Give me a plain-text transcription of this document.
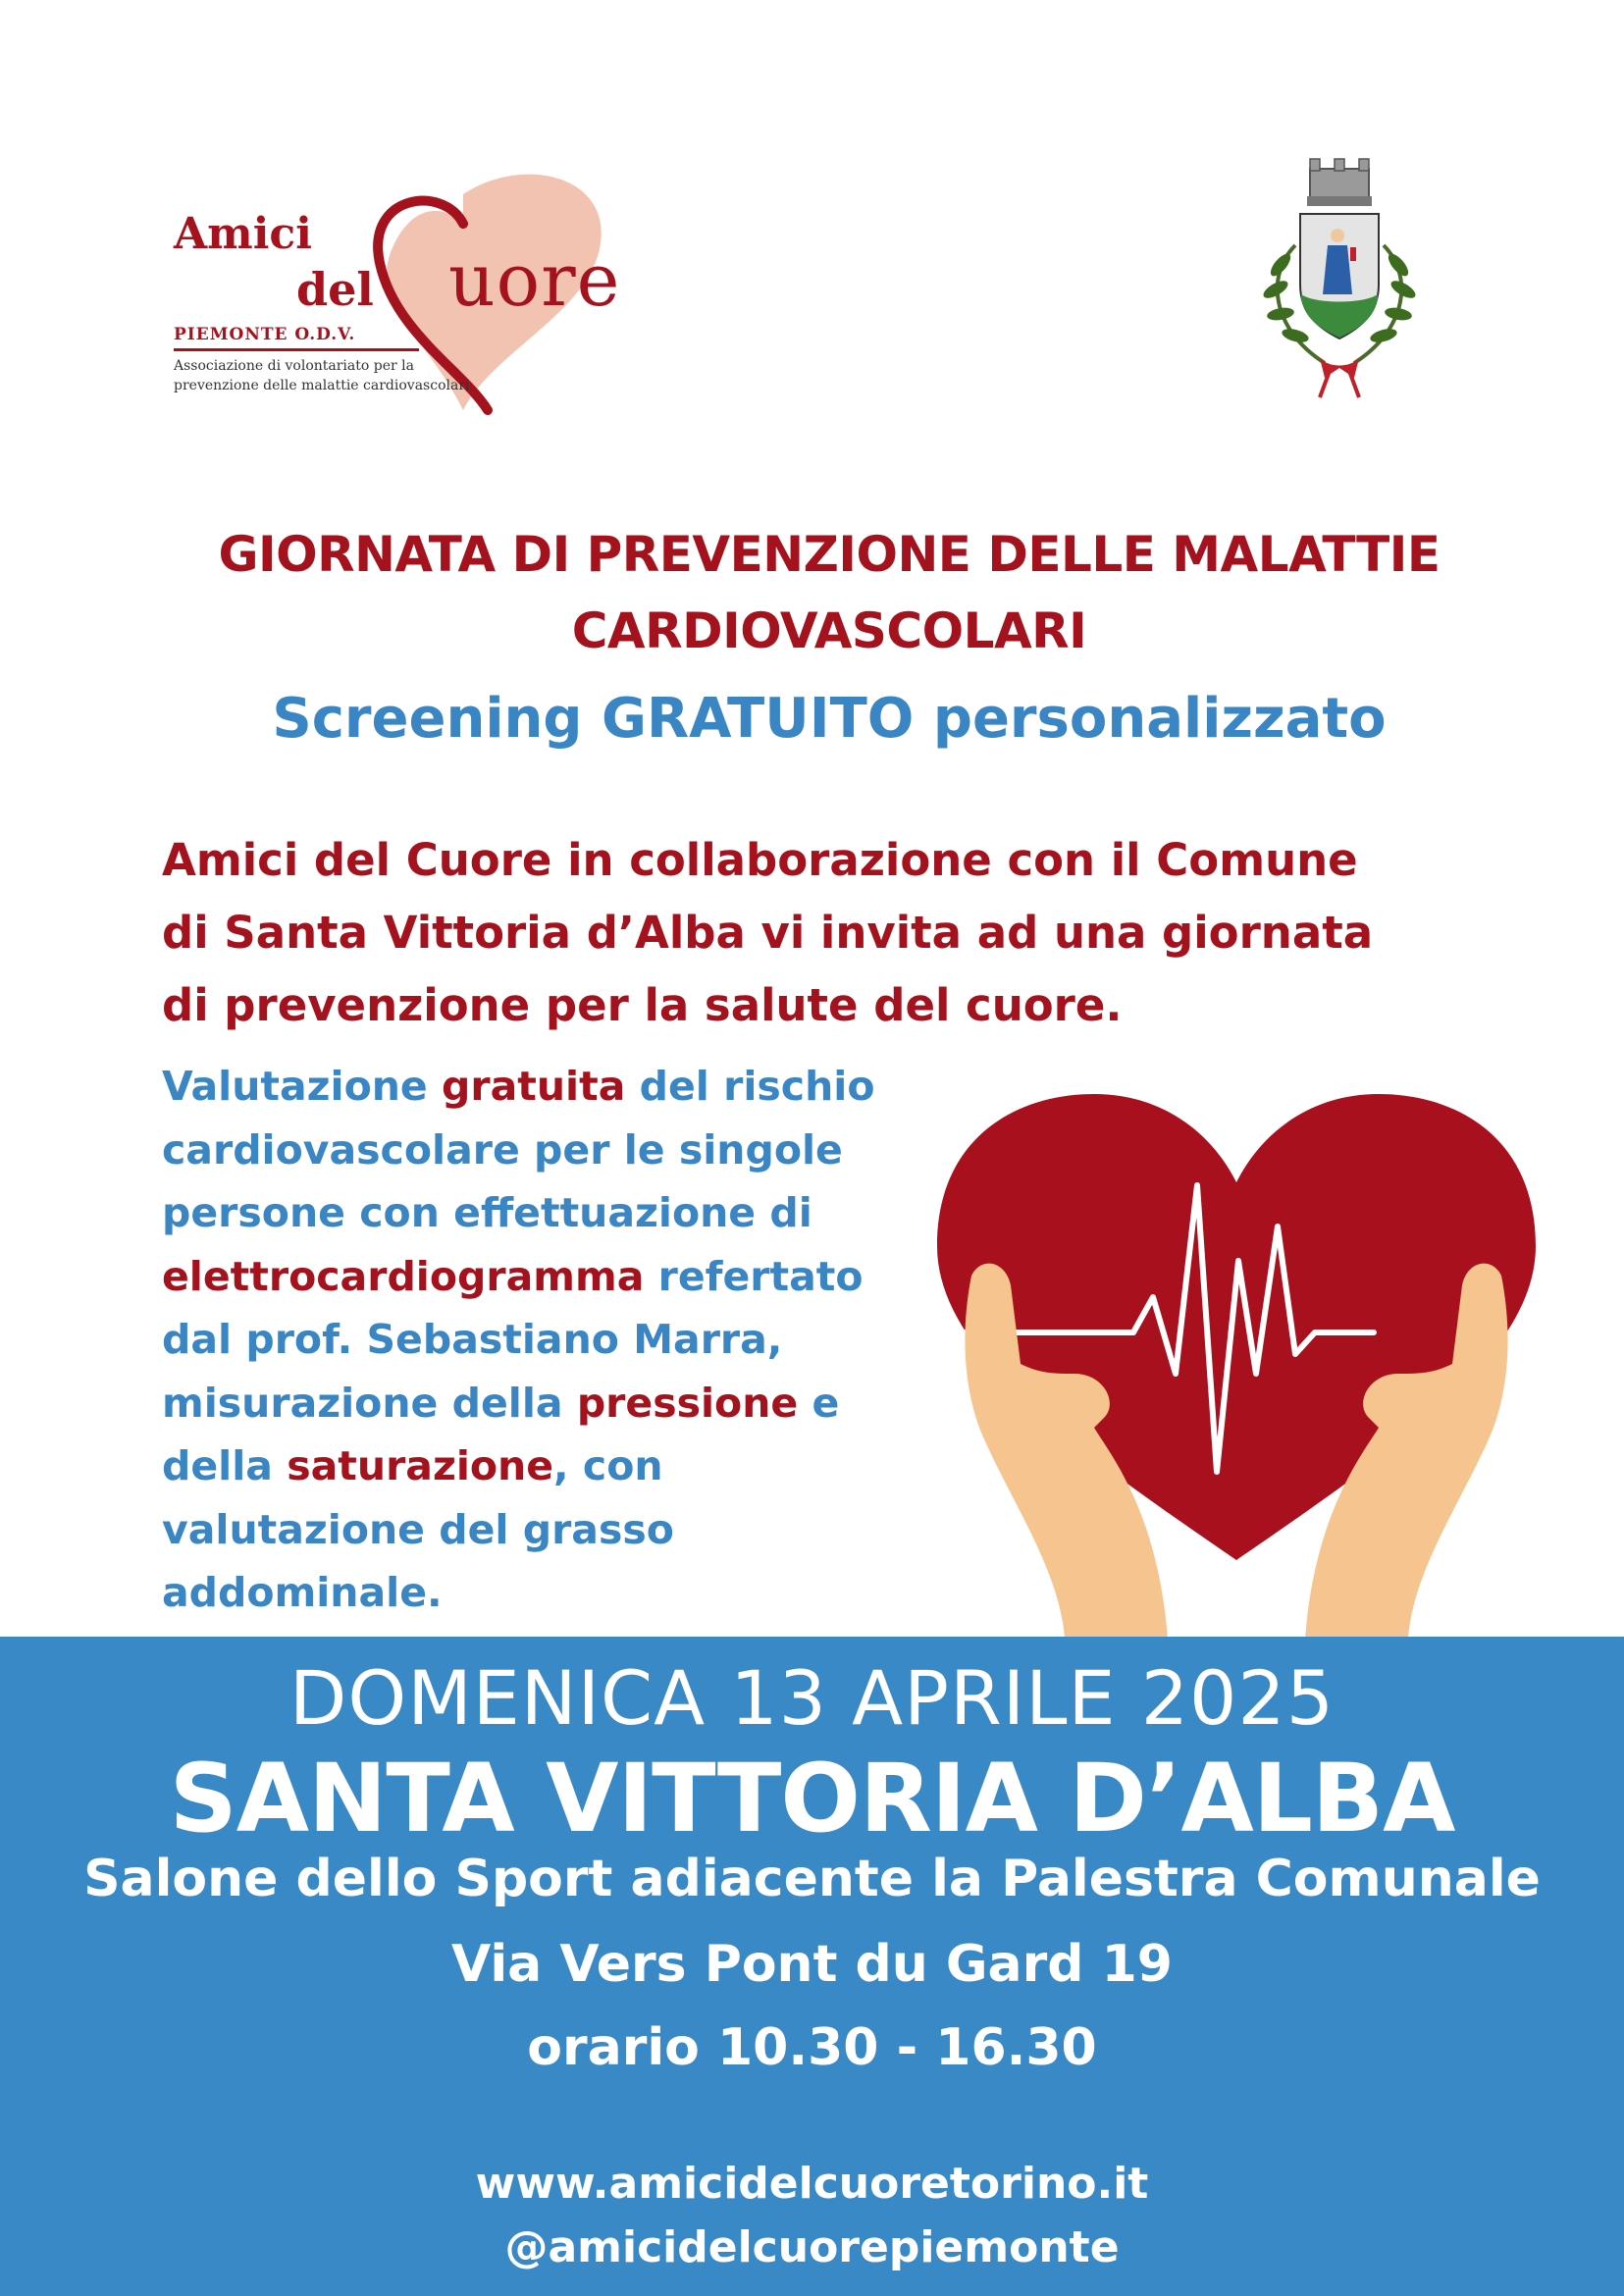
Amici
del uore
PIEMONTE O.D.V.
Associazione di volontariato per la
prevenzione delle malattie cardiovascolari
GIORNATA DI PREVENZIONE DELLE MALATTIE
CARDIOVASCOLARI
Screening GRATUITO personalizzato
Amici del Cuore in collaborazione con il Comune
di Santa Vittoria d’Alba vi invita ad una giornata
di prevenzione per la salute del cuore.
Valutazione gratuita del rischio
cardiovascolare per le singole
persone con effettuazione di
elettrocardiogramma refertato
dal prof. Sebastiano Marra,
misurazione della pressione e
della saturazione, con
valutazione del grasso
addominale.
DOMENICA 13 APRILE 2025
SANTA VITTORIA D’ALBA
Salone dello Sport adiacente la Palestra Comunale
Via Vers Pont du Gard 19
orario 10.30 - 16.30
www.amicidelcuoretorino.it
@amicidelcuorepiemonte
